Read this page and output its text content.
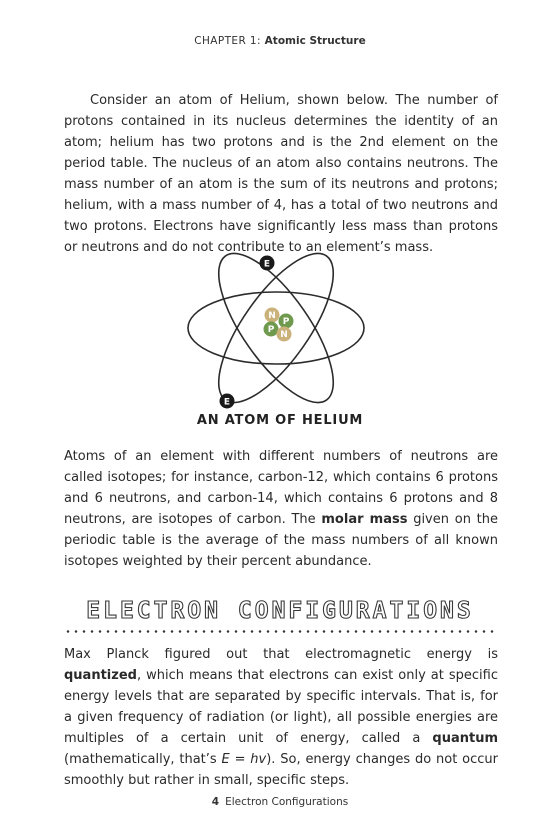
CHAPTER 1: Atomic Structure

Consider an atom of Helium, shown below. The number of protons contained in its nucleus determines the identity of an atom; helium has two protons and is the 2nd element on the period table. The nucleus of an atom also contains neutrons. The mass number of an atom is the sum of its neutrons and protons; helium, with a mass number of 4, has a total of two neutrons and two protons. Electrons have significantly less mass than protons or neutrons and do not contribute to an element’s mass.

N
P
P N
E
E
AN ATOM OF HELIUM

Atoms of an element with different numbers of neutrons are called isotopes; for instance, carbon-12, which contains 6 protons and 6 neutrons, and carbon-14, which contains 6 protons and 8 neutrons, are isotopes of carbon. The molar mass given on the periodic table is the average of the mass numbers of all known isotopes weighted by their percent abundance.

ELECTRON CONFIGURATIONS

Max Planck figured out that electromagnetic energy is quantized, which means that electrons can exist only at specific energy levels that are separated by specific intervals. That is, for a given frequency of radiation (or light), all possible energies are multiples of a certain unit of energy, called a quantum (mathematically, that’s E = hv). So, energy changes do not occur smoothly but rather in small, specific steps.

4 Electron Configurations
